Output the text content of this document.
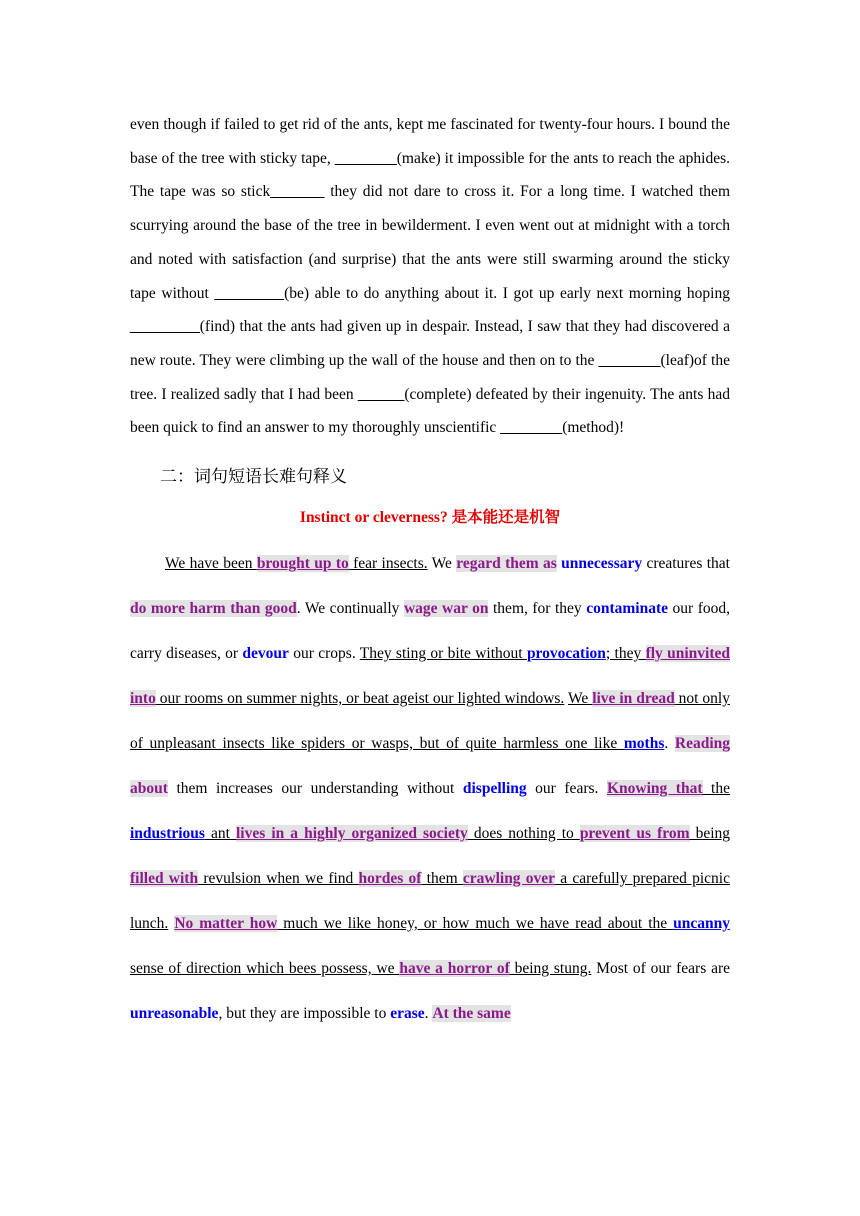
even though if failed to get rid of the ants, kept me fascinated for twenty-four hours. I bound the base of the tree with sticky tape, ________(make) it impossible for the ants to reach the aphides. The tape was so stick_______ they did not dare to cross it. For a long time. I watched them scurrying around the base of the tree in bewilderment. I even went out at midnight with a torch and noted with satisfaction (and surprise) that the ants were still swarming around the sticky tape without _________(be) able to do anything about it. I got up early next morning hoping _________(find) that the ants had given up in despair. Instead, I saw that they had discovered a new route. They were climbing up the wall of the house and then on to the ________(leaf)of the tree. I realized sadly that I had been ______(complete) defeated by their ingenuity. The ants had been quick to find an answer to my thoroughly unscientific ________(method)!

二：词句短语长难句释义
Instinct or cleverness? 是本能还是机智

We have been brought up to fear insects. We regard them as unnecessary creatures that do more harm than good. We continually wage war on them, for they contaminate our food, carry diseases, or devour our crops. They sting or bite without provocation; they fly uninvited into our rooms on summer nights, or beat ageist our lighted windows. We live in dread not only of unpleasant insects like spiders or wasps, but of quite harmless one like moths. Reading about them increases our understanding without dispelling our fears. Knowing that the industrious ant lives in a highly organized society does nothing to prevent us from being filled with revulsion when we find hordes of them crawling over a carefully prepared picnic lunch. No matter how much we like honey, or how much we have read about the uncanny sense of direction which bees possess, we have a horror of being stung. Most of our fears are unreasonable, but they are impossible to erase. At the same
